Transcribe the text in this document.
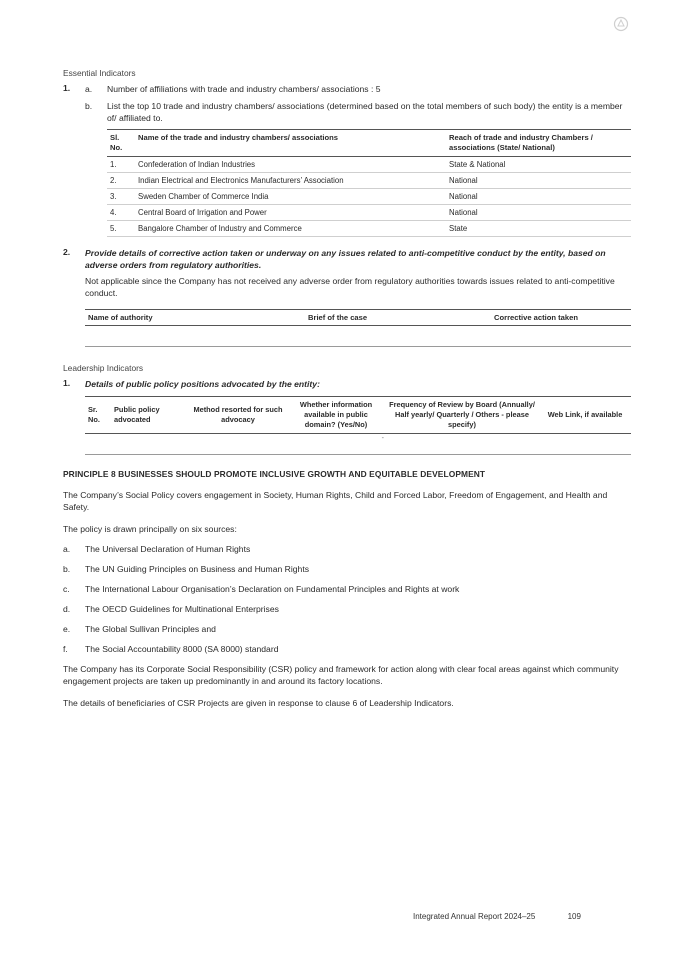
Essential Indicators
1.	a.	Number of affiliations with trade and industry chambers/ associations : 5
b.	List the top 10 trade and industry chambers/ associations (determined based on the total members of such body) the entity is a member of/ affiliated to.
Sl. No.	Name of the trade and industry chambers/ associations	Reach of trade and industry Chambers / associations (State/ National)
1.	Confederation of Indian Industries	State & National
2.	Indian Electrical and Electronics Manufacturers’ Association	National
3.	Sweden Chamber of Commerce India	National
4.	Central Board of Irrigation and Power	National
5.	Bangalore Chamber of Industry and Commerce	State
2.	Provide details of corrective action taken or underway on any issues related to anti-competitive conduct by the entity, based on adverse orders from regulatory authorities.

Not applicable since the Company has not received any adverse order from regulatory authorities towards issues related to anti-competitive conduct.

Name of authority	Brief of the case	Corrective action taken

Leadership Indicators
1.	Details of public policy positions advocated by the entity:
Sr. No.	Public policy advocated	Method resorted for such advocacy	Whether information available in public domain? (Yes/No)	Frequency of Review by Board (Annually/ Half yearly/ Quarterly / Others - please specify)	Web Link, if available
			-		
PRINCIPLE 8 BUSINESSES SHOULD PROMOTE INCLUSIVE GROWTH AND EQUITABLE DEVELOPMENT

The Company’s Social Policy covers engagement in Society, Human Rights, Child and Forced Labor, Freedom of Engagement, and Health and Safety.

The policy is drawn principally on six sources:

a.	The Universal Declaration of Human Rights
b.	The UN Guiding Principles on Business and Human Rights
c.	The International Labour Organisation’s Declaration on Fundamental Principles and Rights at work
d.	The OECD Guidelines for Multinational Enterprises
e.	The Global Sullivan Principles and
f.	The Social Accountability 8000 (SA 8000) standard

The Company has its Corporate Social Responsibility (CSR) policy and framework for action along with clear focal areas against which community engagement projects are taken up predominantly in and around its factory locations.

The details of beneficiaries of CSR Projects are given in response to clause 6 of Leadership Indicators.

Integrated Annual Report 2024–25	109
